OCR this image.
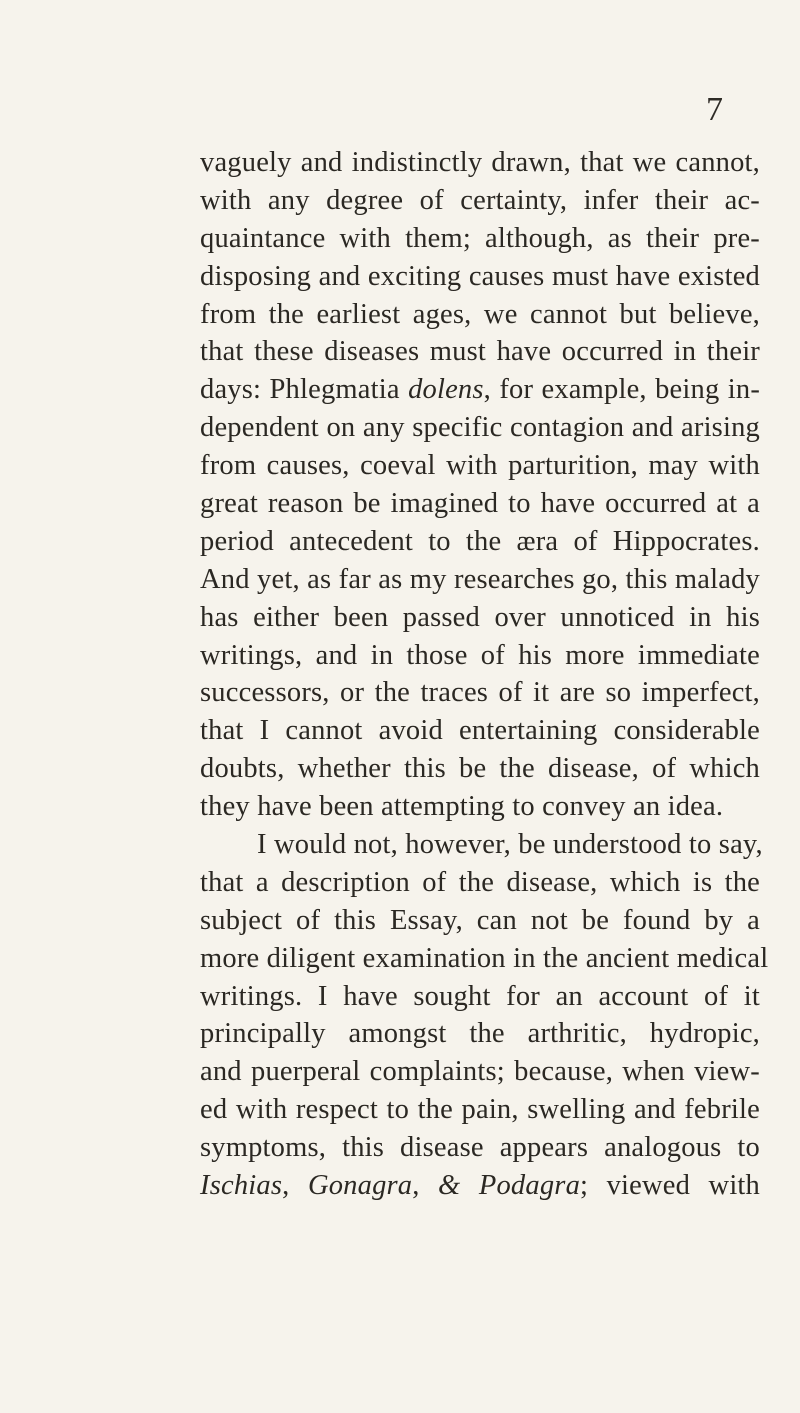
7
vaguely and indistinctly drawn, that we cannot,
with any degree of certainty, infer their ac-
quaintance with them; although, as their pre-
disposing and exciting causes must have existed
from the earliest ages, we cannot but believe,
that these diseases must have occurred in their
days: Phlegmatia dolens, for example, being in-
dependent on any specific contagion and arising
from causes, coeval with parturition, may with
great reason be imagined to have occurred at a
period antecedent to the æra of Hippocrates.
And yet, as far as my researches go, this malady
has either been passed over unnoticed in his
writings, and in those of his more immediate
successors, or the traces of it are so imperfect,
that I cannot avoid entertaining considerable
doubts, whether this be the disease, of which
they have been attempting to convey an idea.
I would not, however, be understood to say,
that a description of the disease, which is the
subject of this Essay, can not be found by a
more diligent examination in the ancient medical
writings. I have sought for an account of it
principally amongst the arthritic, hydropic,
and puerperal complaints; because, when view-
ed with respect to the pain, swelling and febrile
symptoms, this disease appears analogous to
Ischias, Gonagra, & Podagra; viewed with
